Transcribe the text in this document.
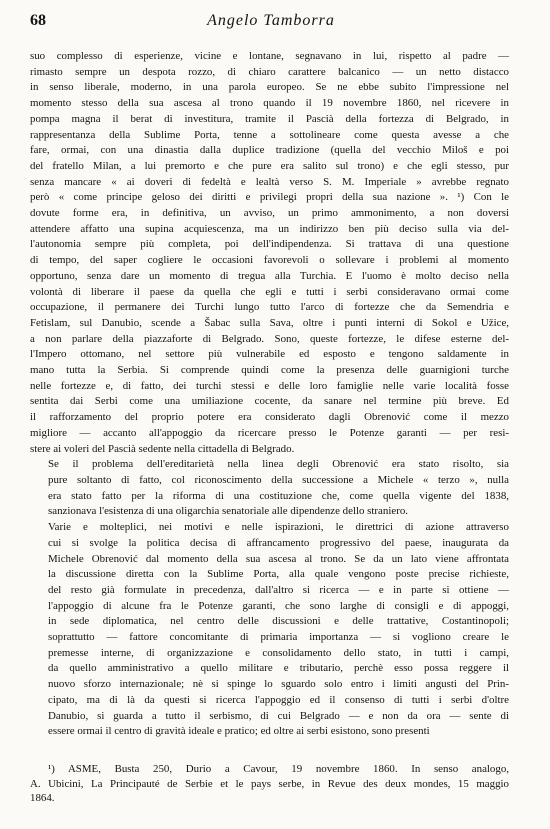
68	Angelo Tamborra

suo complesso di esperienze, vicine e lontane, segnavano in lui, rispetto al padre —
rimasto sempre un despota rozzo, di chiaro carattere balcanico — un netto distacco
in senso liberale, moderno, in una parola europeo. Se ne ebbe subito l'impressione nel
momento stesso della sua ascesa al trono quando il 19 novembre 1860, nel ricevere in
pompa magna il berat di investitura, tramite il Pascià della fortezza di Belgrado, in
rappresentanza della Sublime Porta, tenne a sottolineare come questa avesse a che
fare, ormai, con una dinastia dalla duplice tradizione (quella del vecchio Miloš e poi
del fratello Milan, a lui premorto e che pure era salito sul trono) e che egli stesso, pur
senza mancare « ai doveri di fedeltà e lealtà verso S. M. Imperiale » avrebbe regnato
però « come principe geloso dei diritti e privilegi propri della sua nazione ». ¹) Con le
dovute forme era, in definitiva, un avviso, un primo ammonimento, a non doversi
attendere affatto una supina acquiescenza, ma un indirizzo ben più deciso sulla via del-
l'autonomia sempre più completa, poi dell'indipendenza. Si trattava di una questione
di tempo, del saper cogliere le occasioni favorevoli o sollevare i problemi al momento
opportuno, senza dare un momento di tregua alla Turchia. E l'uomo è molto deciso nella
volontà di liberare il paese da quella che egli e tutti i serbi consideravano ormai come
occupazione, il permanere dei Turchi lungo tutto l'arco di fortezze che da Semendria e
Fetislam, sul Danubio, scende a Šabac sulla Sava, oltre i punti interni di Sokol e Užice,
a non parlare della piazzaforte di Belgrado. Sono, queste fortezze, le difese esterne del-
l'Impero ottomano, nel settore più vulnerabile ed esposto e tengono saldamente in
mano tutta la Serbia. Si comprende quindi come la presenza delle guarnigioni turche
nelle fortezze e, di fatto, dei turchi stessi e delle loro famiglie nelle varie località fosse
sentita dai Serbi come una umiliazione cocente, da sanare nel termine più breve. Ed
il rafforzamento del proprio potere era considerato dagli Obrenović come il mezzo
migliore — accanto all'appoggio da ricercare presso le Potenze garanti — per resi-
stere ai voleri del Pascià sedente nella cittadella di Belgrado.

Se il problema dell'ereditarietà nella linea degli Obrenović era stato risolto, sia
pure soltanto di fatto, col riconoscimento della successione a Michele « terzo », nulla
era stato fatto per la riforma di una costituzione che, come quella vigente del 1838,
sanzionava l'esistenza di una oligarchia senatoriale alle dipendenze dello straniero.

Varie e molteplici, nei motivi e nelle ispirazioni, le direttrici di azione attraverso
cui si svolge la politica decisa di affrancamento progressivo del paese, inaugurata da
Michele Obrenović dal momento della sua ascesa al trono. Se da un lato viene affrontata
la discussione diretta con la Sublime Porta, alla quale vengono poste precise richieste,
del resto già formulate in precedenza, dall'altro si ricerca — e in parte si ottiene —
l'appoggio di alcune fra le Potenze garanti, che sono larghe di consigli e di appoggi,
in sede diplomatica, nel centro delle discussioni e delle trattative, Costantinopoli;
soprattutto — fattore concomitante di primaria importanza — si vogliono creare le
premesse interne, di organizzazione e consolidamento dello stato, in tutti i campi,
da quello amministrativo a quello militare e tributario, perchè esso possa reggere il
nuovo sforzo internazionale; nè si spinge lo sguardo solo entro i limiti angusti del Prin-
cipato, ma di là da questi si ricerca l'appoggio ed il consenso di tutti i serbi d'oltre
Danubio, si guarda a tutto il serbismo, di cui Belgrado — e non da ora — sente di
essere ormai il centro di gravità ideale e pratico; ed oltre ai serbi esistono, sono presenti

¹) ASME, Busta 250, Durio a Cavour, 19 novembre 1860. In senso analogo,
A. Ubicini, La Principauté de Serbie et le pays serbe, in Revue des deux mondes, 15 maggio
1864.
